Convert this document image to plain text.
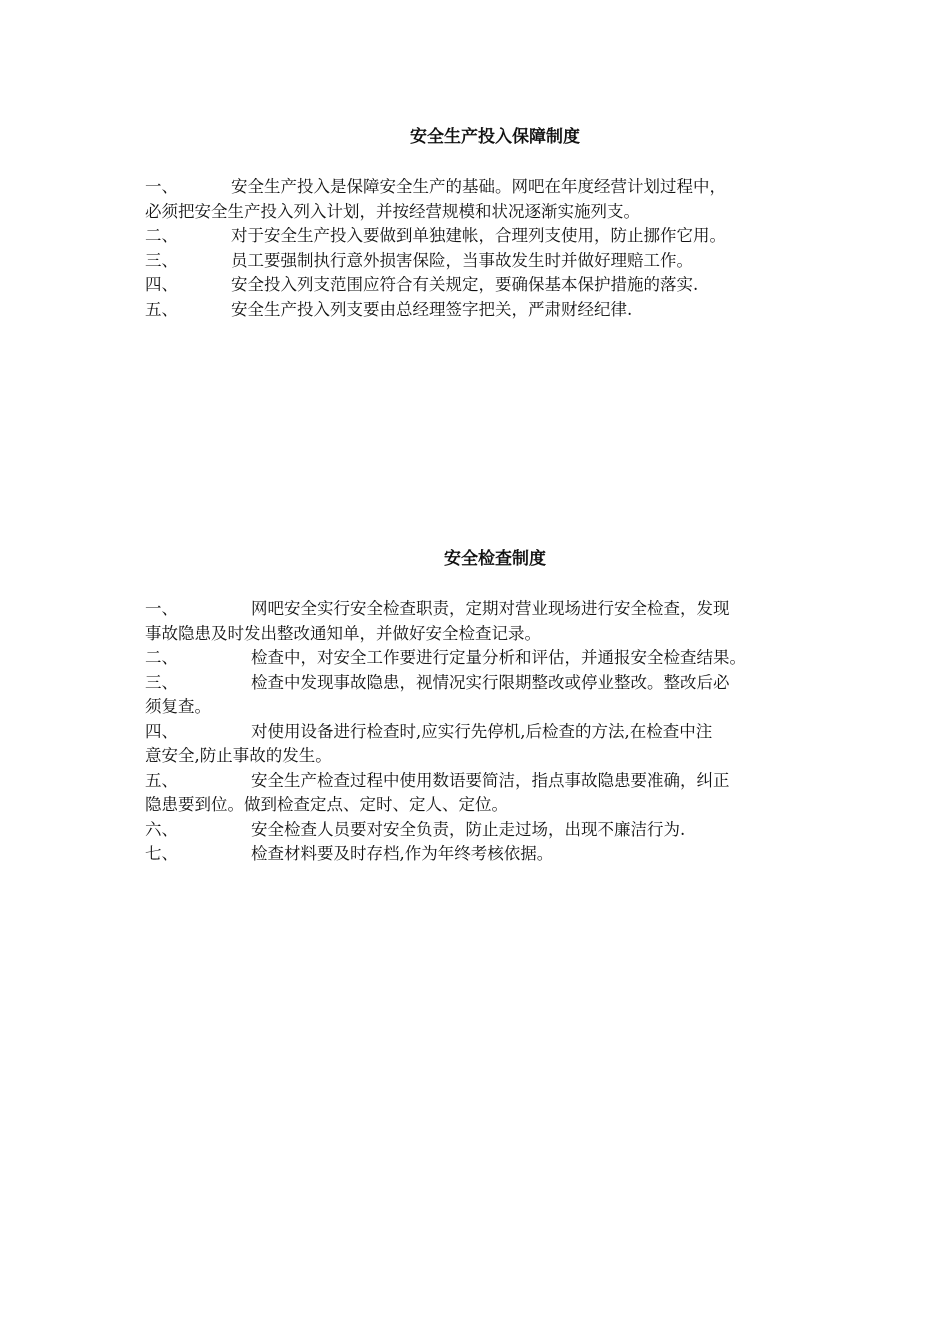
安全生产投入保障制度

一、	安全生产投入是保障安全生产的基础。网吧在年度经营计划过程中，

必须把安全生产投入列入计划，并按经营规模和状况逐渐实施列支。

二、	对于安全生产投入要做到单独建帐，合理列支使用，防止挪作它用。

三、	员工要强制执行意外损害保险，当事故发生时并做好理赔工作。

四、	安全投入列支范围应符合有关规定，要确保基本保护措施的落实.

五、	安全生产投入列支要由总经理签字把关，严肃财经纪律.

安全检查制度

一、	网吧安全实行安全检查职责，定期对营业现场进行安全检查，发现

事故隐患及时发出整改通知单，并做好安全检查记录。

二、	检查中，对安全工作要进行定量分析和评估，并通报安全检查结果。

三、	检查中发现事故隐患，视情况实行限期整改或停业整改。整改后必

须复查。

四、	对使用设备进行检查时,应实行先停机,后检查的方法,在检查中注

意安全,防止事故的发生。

五、	安全生产检查过程中使用数语要简洁，指点事故隐患要准确，纠正

隐患要到位。做到检查定点、定时、定人、定位。

六、	安全检查人员要对安全负责，防止走过场，出现不廉洁行为.

七、	检查材料要及时存档,作为年终考核依据。
